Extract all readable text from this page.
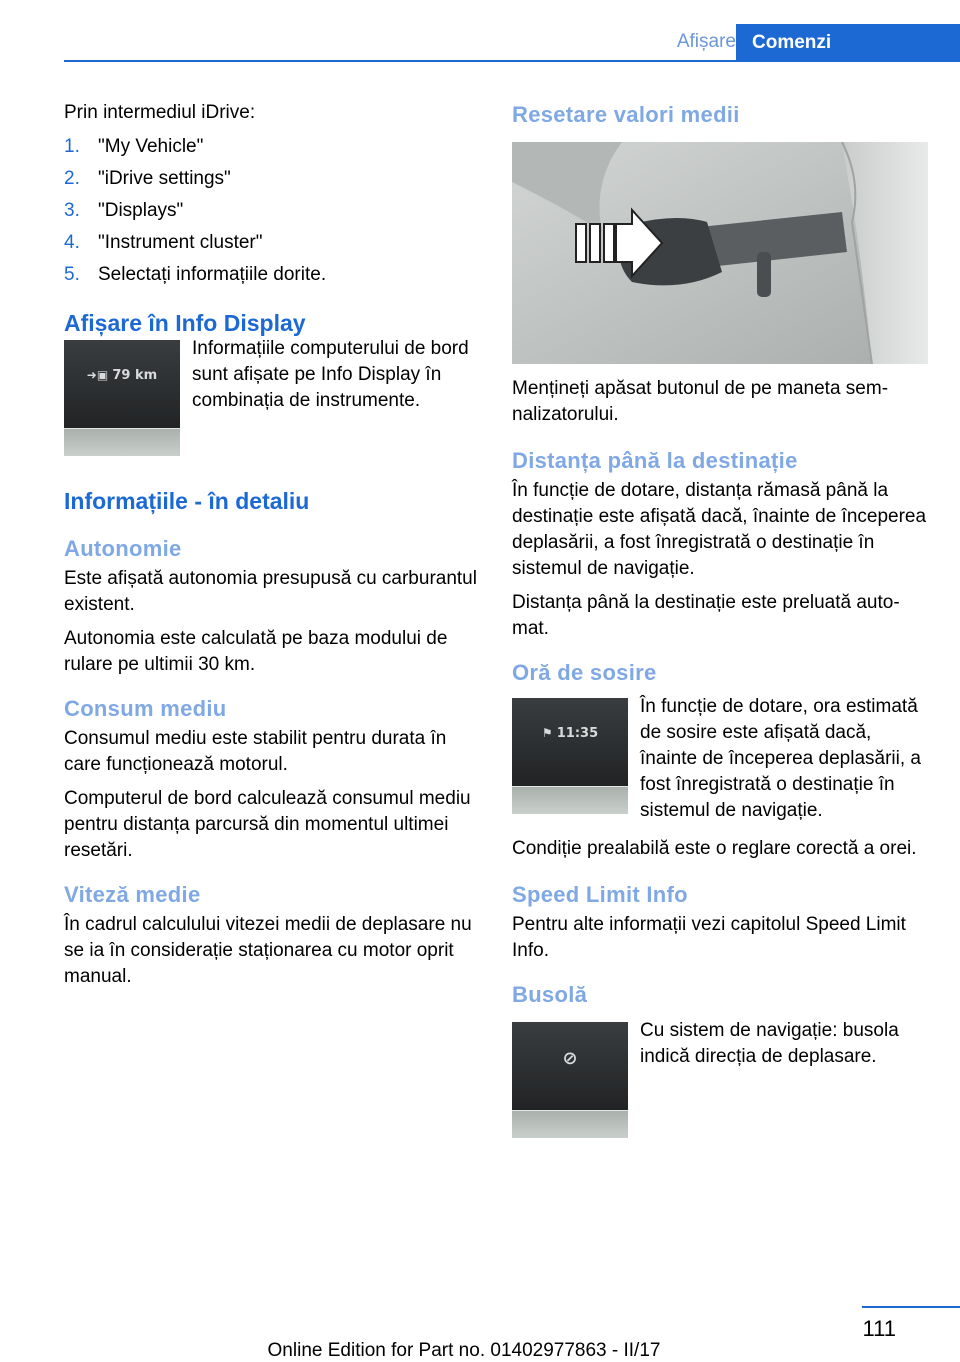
Afișare Comenzi
Prin intermediul iDrive:
1. "My Vehicle"
2. "iDrive settings"
3. "Displays"
4. "Instrument cluster"
5. Selectați informațiile dorite.
Afișare în Info Display
➜▣ 79 km
Informațiile computerului de bord sunt afișate pe Info Display în combinația de instrumente.
Informațiile - în detaliu
Autonomie
Este afișată autonomia presupusă cu carburantul existent.
Autonomia este calculată pe baza modului de rulare pe ultimii 30 km.
Consum mediu
Consumul mediu este stabilit pentru durata în care funcționează motorul.
Computerul de bord calculează consumul mediu pentru distanța parcursă din momentul ultimei resetări.
Viteză medie
În cadrul calculului vitezei medii de deplasare nu se ia în considerație staționarea cu motor oprit manual.
Resetare valori medii
Mențineți apăsat butonul de pe maneta semnalizatorului.
Distanța până la destinație
În funcție de dotare, distanța rămasă până la destinație este afișată dacă, înainte de începerea deplasării, a fost înregistrată o destinație în sistemul de navigație.
Distanța până la destinație este preluată automat.
Oră de sosire
⚑ 11:35
În funcție de dotare, ora estimată de sosire este afișată dacă, înainte de începerea deplasării, a fost înregistrată o destinație în sistemul de navigație.
Condiție prealabilă este o reglare corectă a orei.
Speed Limit Info
Pentru alte informații vezi capitolul Speed Limit Info.
Busolă
⊘
Cu sistem de navigație: busola indică direcția de deplasare.
111
Online Edition for Part no. 01402977863 - II/17
